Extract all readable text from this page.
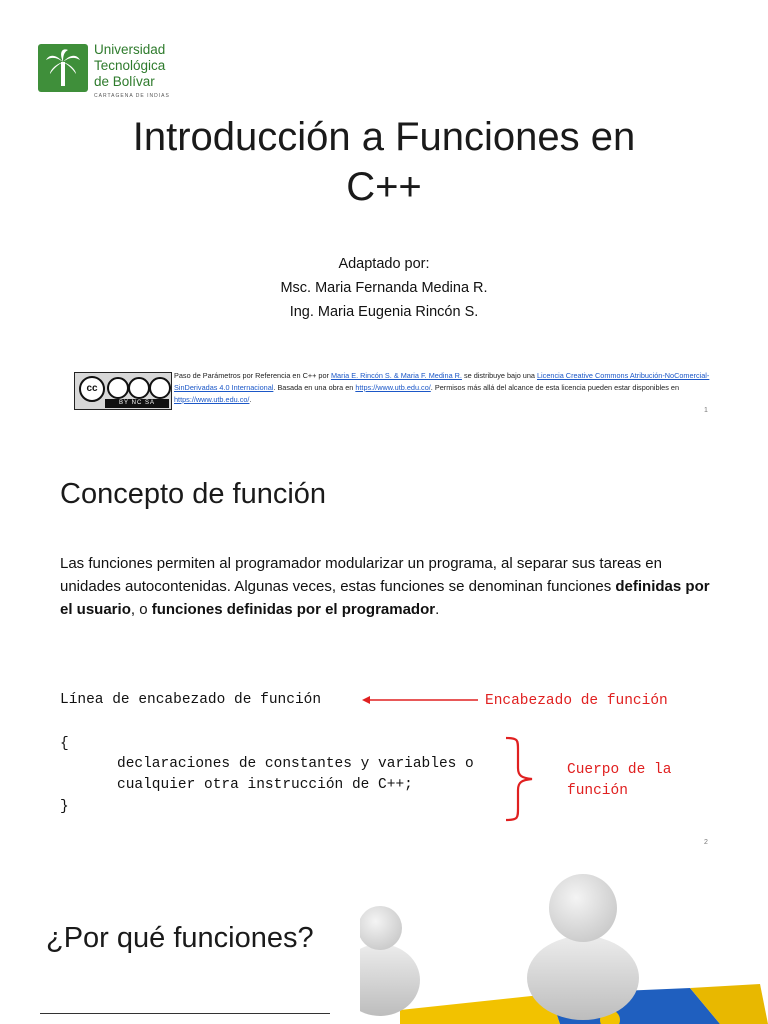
Universidad
Tecnológica
de Bolívar
CARTAGENA DE INDIAS
Introducción a Funciones en
C++
Adaptado por:
Msc. Maria Fernanda Medina R.
Ing. Maria Eugenia Rincón S.
cc
BY NC SA
Paso de Parámetros por Referencia en C++ por Maria E. Rincón S. & Maria F. Medina R. se distribuye bajo una Licencia Creative Commons Atribución-NoComercial-SinDerivadas 4.0 Internacional. Basada en una obra en https://www.utb.edu.co/. Permisos más allá del alcance de esta licencia pueden estar disponibles en https://www.utb.edu.co/.
1
Concepto de función
Las funciones permiten al programador modularizar un programa, al separar sus tareas en unidades autocontenidas. Algunas veces, estas funciones se denominan funciones definidas por el usuario, o funciones definidas por el programador.
Línea de encabezado de función
{
declaraciones de constantes y variables o
cualquier otra instrucción de C++;
}
Encabezado de función
Cuerpo de la
función
2
¿Por qué funciones?
